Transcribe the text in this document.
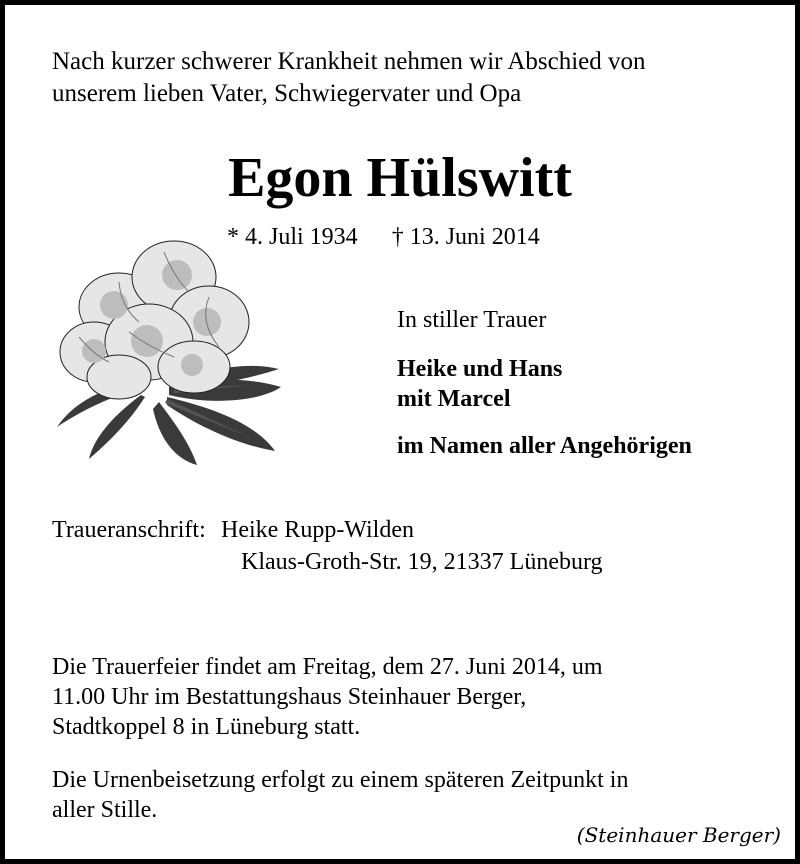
Nach kurzer schwerer Krankheit nehmen wir Abschied von
unserem lieben Vater, Schwiegervater und Opa
Egon Hülswitt
* 4. Juli 1934 † 13. Juni 2014
In stiller Trauer
Heike und Hans
mit Marcel
im Namen aller Angehörigen
Traueranschrift: Heike Rupp-Wilden
Klaus-Groth-Str. 19, 21337 Lüneburg
Die Trauerfeier findet am Freitag, dem 27. Juni 2014, um
11.00 Uhr im Bestattungshaus Steinhauer Berger,
Stadtkoppel 8 in Lüneburg statt.
Die Urnenbeisetzung erfolgt zu einem späteren Zeitpunkt in
aller Stille.
(Steinhauer Berger)
